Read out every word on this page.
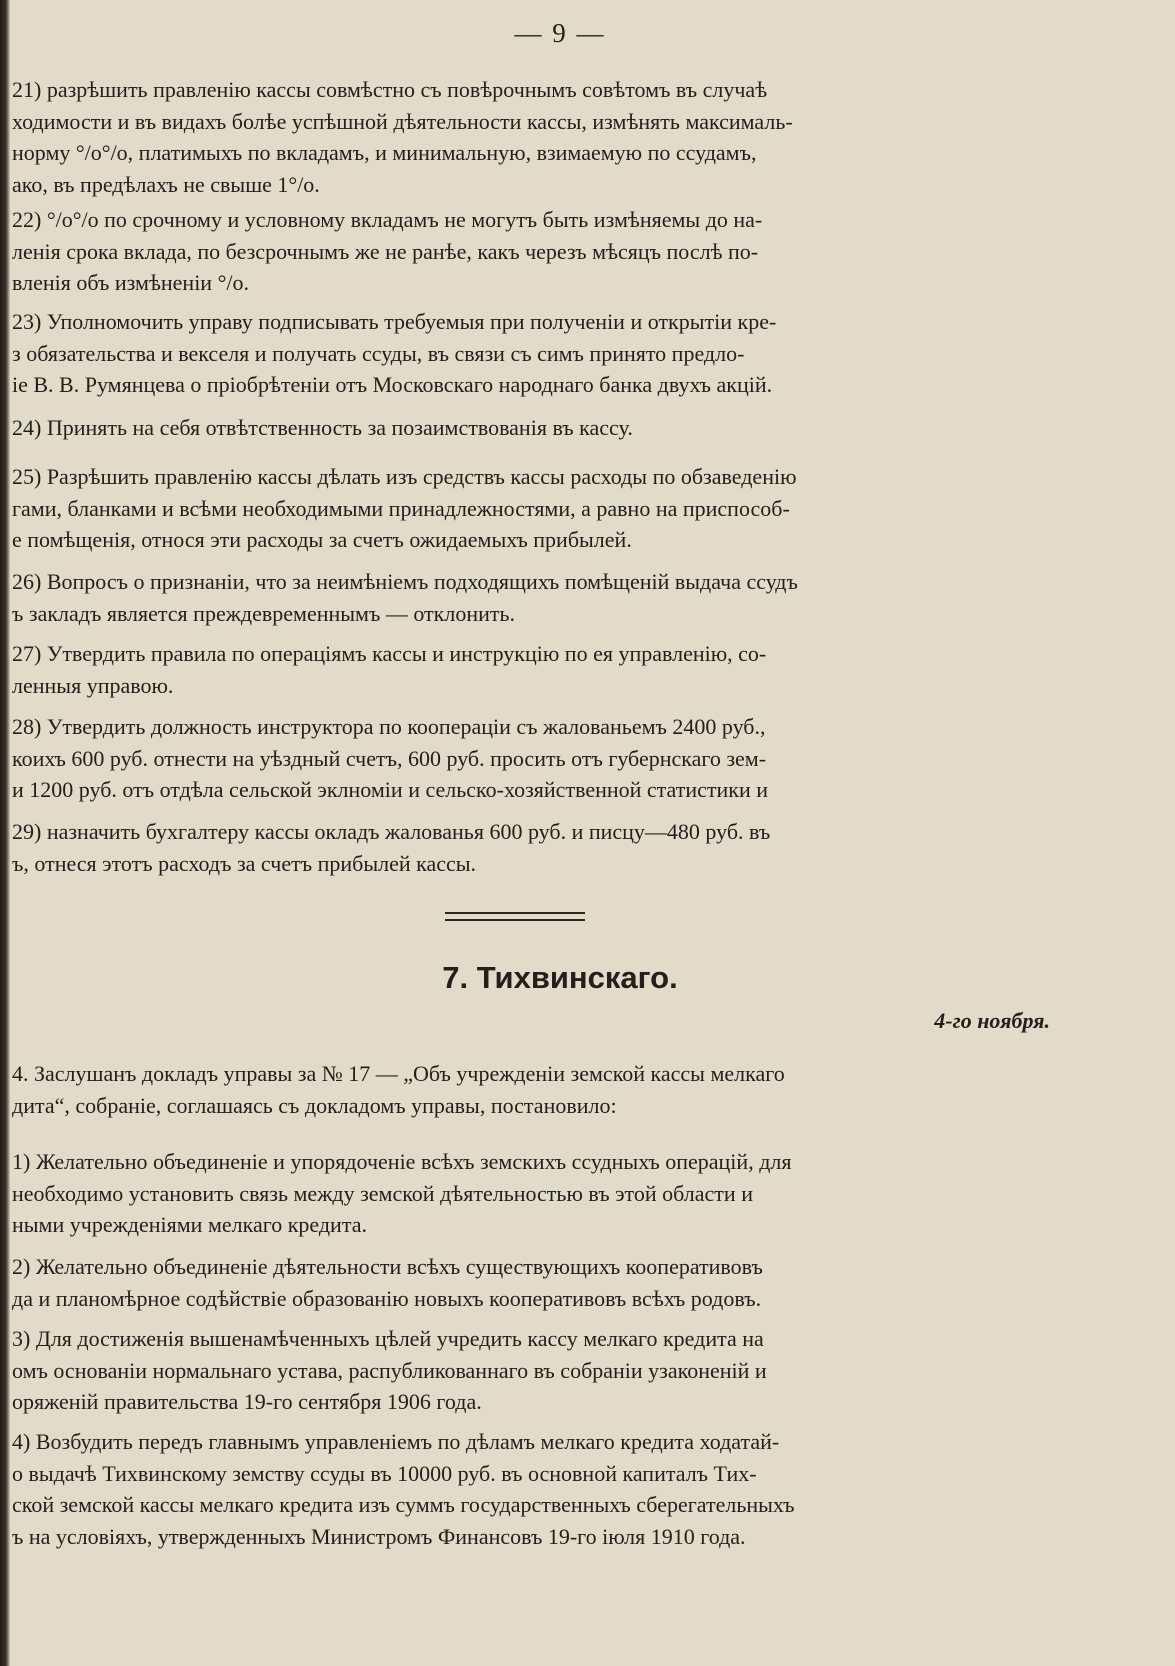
— 9 —
21) разрѣшить правленію кассы совмѣстно съ повѣрочнымъ совѣтомъ въ случаѣ
ходимости и въ видахъ болѣе успѣшной дѣятельности кассы, измѣнять максималь-
норму °/о°/о, платимыхъ по вкладамъ, и минимальную, взимаемую по ссудамъ,
ако, въ предѣлахъ не свыше 1°/о.
22) °/о°/о по срочному и условному вкладамъ не могутъ быть измѣняемы до на-
ленія срока вклада, по безсрочнымъ же не ранѣе, какъ черезъ мѣсяцъ послѣ по-
вленія объ измѣненіи °/о.
23) Уполномочить управу подписывать требуемыя при полученіи и открытіи кре-
з обязательства и векселя и получать ссуды, въ связи съ симъ принято предло-
іе В. В. Румянцева о пріобрѣтеніи отъ Московскаго народнаго банка двухъ акцій.
24) Принять на себя отвѣтственность за позаимствованія въ кассу.
25) Разрѣшить правленію кассы дѣлать изъ средствъ кассы расходы по обзаведенію
гами, бланками и всѣми необходимыми принадлежностями, а равно на приспособ-
е помѣщенія, относя эти расходы за счетъ ожидаемыхъ прибылей.
26) Вопросъ о признаніи, что за неимѣніемъ подходящихъ помѣщеній выдача ссудъ
ъ закладъ является преждевременнымъ — отклонить.
27) Утвердить правила по операціямъ кассы и инструкцію по ея управленію, со-
ленныя управою.
28) Утвердить должность инструктора по коопераціи съ жалованьемъ 2400 руб.,
коихъ 600 руб. отнести на уѣздный счетъ, 600 руб. просить отъ губернскаго зем-
и 1200 руб. отъ отдѣла сельской эклноміи и сельско-хозяйственной статистики и
29) назначить бухгалтеру кассы окладъ жалованья 600 руб. и писцу—480 руб. въ
ъ, отнеся этотъ расходъ за счетъ прибылей кассы.
7. Тихвинскаго.
4-го ноября.
4. Заслушанъ докладъ управы за № 17 — „Объ учрежденіи земской кассы мелкаго
дита“, собраніе, соглашаясь съ докладомъ управы, постановило:
1) Желательно объединеніе и упорядоченіе всѣхъ земскихъ ссудныхъ операцій, для
необходимо установить связь между земской дѣятельностью въ этой области и
ными учрежденіями мелкаго кредита.
2) Желательно объединеніе дѣятельности всѣхъ существующихъ кооперативовъ
да и планомѣрное содѣйствіе образованію новыхъ кооперативовъ всѣхъ родовъ.
3) Для достиженія вышенамѣченныхъ цѣлей учредить кассу мелкаго кредита на
омъ основаніи нормальнаго устава, распубликованнаго въ собраніи узаконеній и
оряженій правительства 19-го сентября 1906 года.
4) Возбудить передъ главнымъ управленіемъ по дѣламъ мелкаго кредита ходатай-
о выдачѣ Тихвинскому земству ссуды въ 10000 руб. въ основной капиталъ Тих-
ской земской кассы мелкаго кредита изъ суммъ государственныхъ сберегательныхъ
ъ на условіяхъ, утвержденныхъ Министромъ Финансовъ 19-го іюля 1910 года.
